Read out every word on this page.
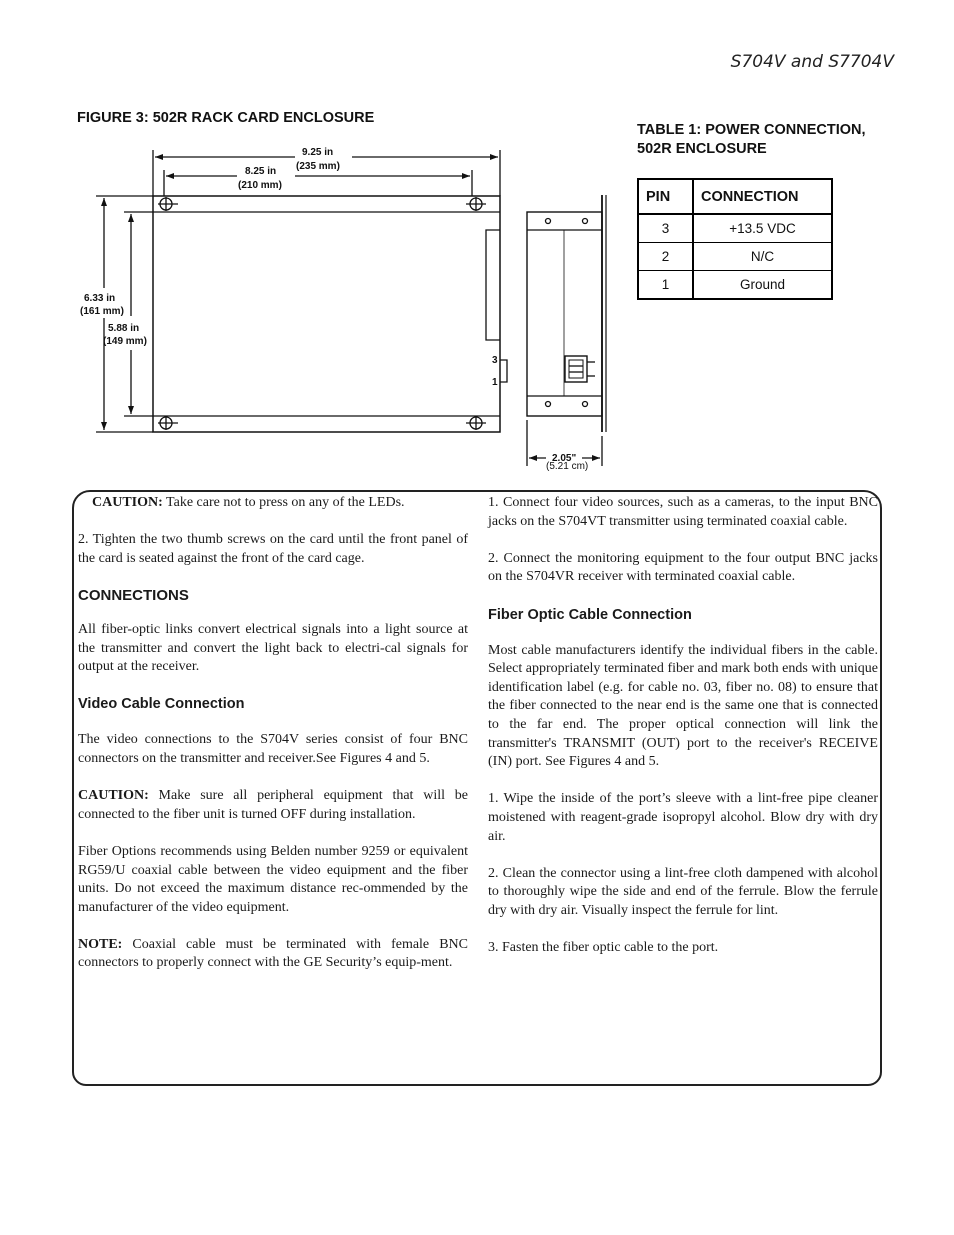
S704V and S7704V
FIGURE 3: 502R RACK CARD ENCLOSURE
9.25 in
(235 mm)
8.25 in
(210 mm)
6.33 in
(161 mm)
5.88 in
(149 mm)
3
1
2.05"
(5.21 cm)
TABLE 1: POWER CONNECTION,
502R ENCLOSURE
PIN	CONNECTION
3	+13.5 VDC
2	N/C
1	Ground

CAUTION: Take care not to press on any of the LEDs.

2. Tighten the two thumb screws on the card until the front panel of the card is seated against the front of the card cage.

CONNECTIONS

All fiber-optic links convert electrical signals into a light source at the transmitter and convert the light back to electri-cal signals for output at the receiver.

Video Cable Connection

The video connections to the S704V series consist of four BNC connectors on the transmitter and receiver.See Figures 4 and 5.

CAUTION: Make sure all peripheral equipment that will be connected to the fiber unit is turned OFF during installation.

Fiber Options recommends using Belden number 9259 or equivalent RG59/U coaxial cable between the video equipment and the fiber units. Do not exceed the maximum distance rec-ommended by the manufacturer of the video equipment.

NOTE: Coaxial cable must be terminated with female BNC connectors to properly connect with the GE Security’s equip-ment.

1. Connect four video sources, such as a cameras, to the input BNC jacks on the S704VT transmitter using terminated coaxial cable.

2. Connect the monitoring equipment to the four output BNC jacks on the S704VR receiver with terminated coaxial cable.

Fiber Optic Cable Connection

Most cable manufacturers identify the individual fibers in the cable. Select appropriately terminated fiber and mark both ends with unique identification label (e.g. for cable no. 03, fiber no. 08) to ensure that the fiber connected to the near end is the same one that is connected to the far end. The proper optical connection will link the transmitter's TRANSMIT (OUT) port to the receiver's RECEIVE (IN) port. See Figures 4 and 5.

1. Wipe the inside of the port’s sleeve with a lint-free pipe cleaner moistened with reagent-grade isopropyl alcohol. Blow dry with dry air.

2. Clean the connector using a lint-free cloth dampened with alcohol to thoroughly wipe the side and end of the ferrule. Blow the ferrule dry with dry air. Visually inspect the ferrule for lint.

3. Fasten the fiber optic cable to the port.
